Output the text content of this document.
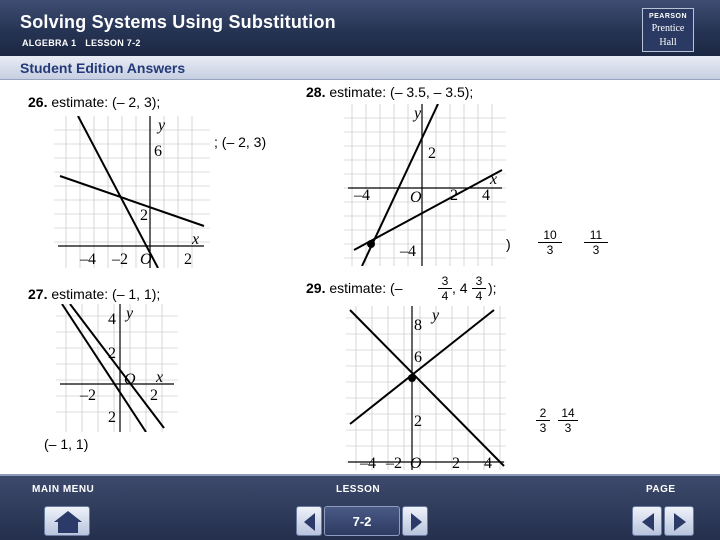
Solving Systems Using Substitution
ALGEBRA 1 LESSON 7-2
PEARSON
Prentice
Hall
Student Edition Answers
26. estimate: (– 2, 3);
; (– 2, 3)
6
2
–4 –2 O 2
x
y
27. estimate: (– 1, 1);
(– 1, 1)
4
2
–2
O
2
2
x
y
28. estimate: (– 3.5, – 3.5);
) $\frac{10}{3} \frac{11}{3}$
2
–4	O 2 4
–4
x
y
29. estimate: (–	$\frac{3}{4}$ , $4 \frac{3}{4}$ );
$\frac{2}{3} \frac{14}{3}$
8
6
2
–4 –2 O 2 4
y
MAIN MENU	LESSON	PAGE
7-2
